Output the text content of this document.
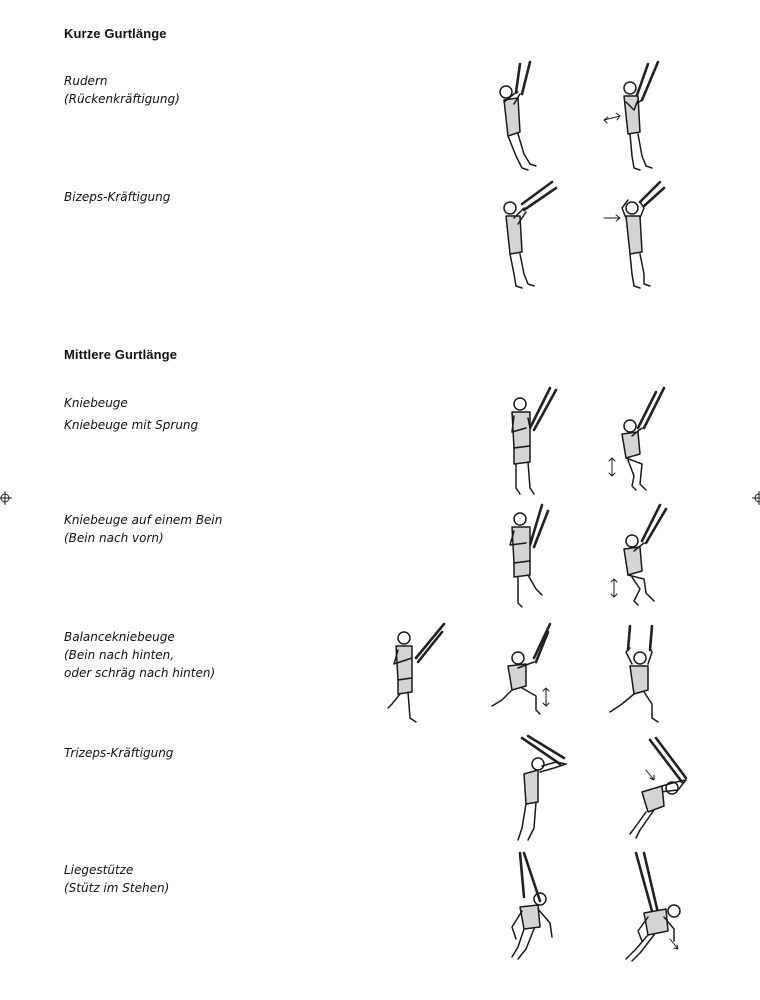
Kurze Gurtlänge
Mittlere Gurtlänge
Rudern
(Rückenkräftigung)
Bizeps-Kräftigung
Kniebeuge
Kniebeuge mit Sprung
Kniebeuge auf einem Bein
(Bein nach vorn)
Balancekniebeuge
(Bein nach hinten,
oder schräg nach hinten)
Trizeps-Kräftigung
Liegestütze
(Stütz im Stehen)
